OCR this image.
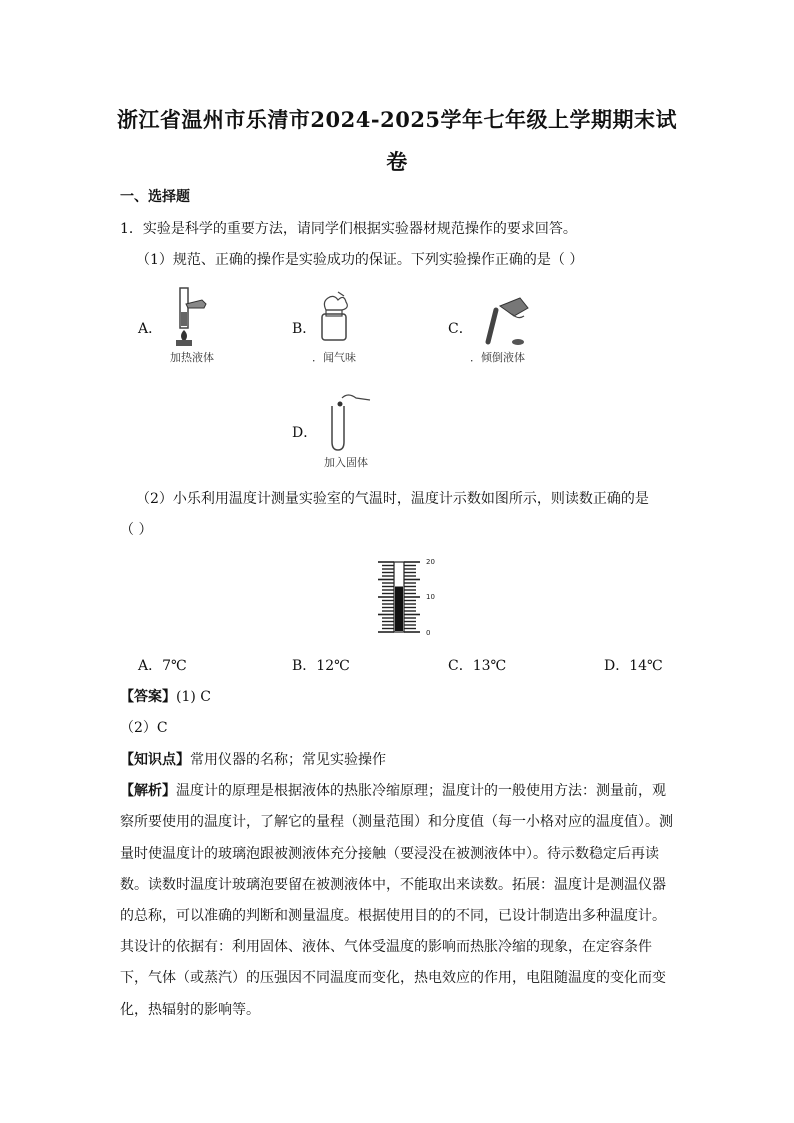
浙江省温州市乐清市2024-2025学年七年级上学期期末试
卷
一、选择题
1．实验是科学的重要方法，请同学们根据实验器材规范操作的要求回答。
（1）规范、正确的操作是实验成功的保证。下列实验操作正确的是（ ）
A．
加热液体
B．
．闻气味
C．
．倾倒液体
D．
加入固体
（2）小乐利用温度计测量实验室的气温时，温度计示数如图所示，则读数正确的是
（ ）
20
10
0
A．7℃	B．12℃	C．13℃	D．14℃
【答案】(1) C
（2）C
【知识点】常用仪器的名称；常见实验操作
【解析】温度计的原理是根据液体的热胀冷缩原理；温度计的一般使用方法：测量前，观
察所要使用的温度计，了解它的量程（测量范围）和分度值（每一小格对应的温度值）。测
量时使温度计的玻璃泡跟被测液体充分接触（要浸没在被测液体中）。待示数稳定后再读
数。读数时温度计玻璃泡要留在被测液体中，不能取出来读数。拓展：温度计是测温仪器
的总称，可以准确的判断和测量温度。根据使用目的的不同，已设计制造出多种温度计。
其设计的依据有：利用固体、液体、气体受温度的影响而热胀冷缩的现象，在定容条件
下，气体（或蒸汽）的压强因不同温度而变化，热电效应的作用，电阻随温度的变化而变
化，热辐射的影响等。
